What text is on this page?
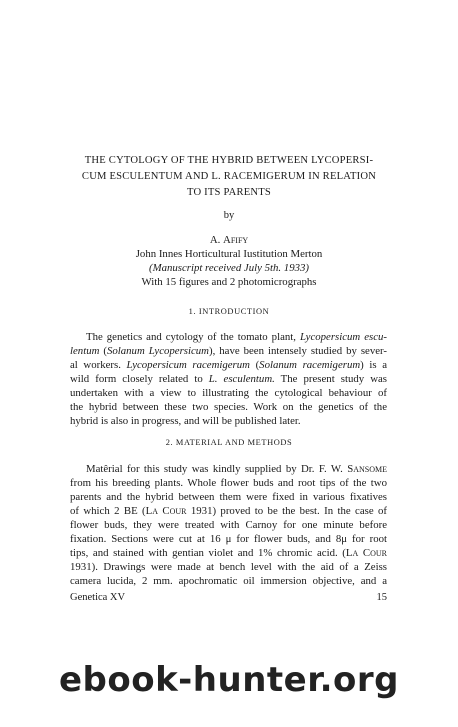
THE CYTOLOGY OF THE HYBRID BETWEEN LYCOPERSI-
CUM ESCULENTUM AND L. RACEMIGERUM IN RELATION
TO ITS PARENTS
by
A. Afify
John Innes Horticultural Iustitution Merton
(Manuscript received July 5th. 1933)
With 15 figures and 2 photomicrographs
1. INTRODUCTION
The genetics and cytology of the tomato plant, Lycopersicum escu-
lentum (Solanum Lycopersicum), have been intensely studied by sever-
al workers. Lycopersicum racemigerum (Solanum racemigerum) is a
wild form closely related to L. esculentum. The present study was
undertaken with a view to illustrating the cytological behaviour of
the hybrid between these two species. Work on the genetics of the
hybrid is also in progress, and will be published later.
2. MATERIAL AND METHODS
Matêrial for this study was kindly supplied by Dr. F. W. Sansome
from his breeding plants. Whole flower buds and root tips of the two
parents and the hybrid between them were fixed in various fixatives
of which 2 BE (La Cour 1931) proved to be the best. In the case of
flower buds, they were treated with Carnoy for one minute before
fixation. Sections were cut at 16 μ for flower buds, and 8μ for root
tips, and stained with gentian violet and 1% chromic acid. (La Cour
1931). Drawings were made at bench level with the aid of a Zeiss
camera lucida, 2 mm. apochromatic oil immersion objective, and a
Genetica XV	15
ebook-hunter.org
